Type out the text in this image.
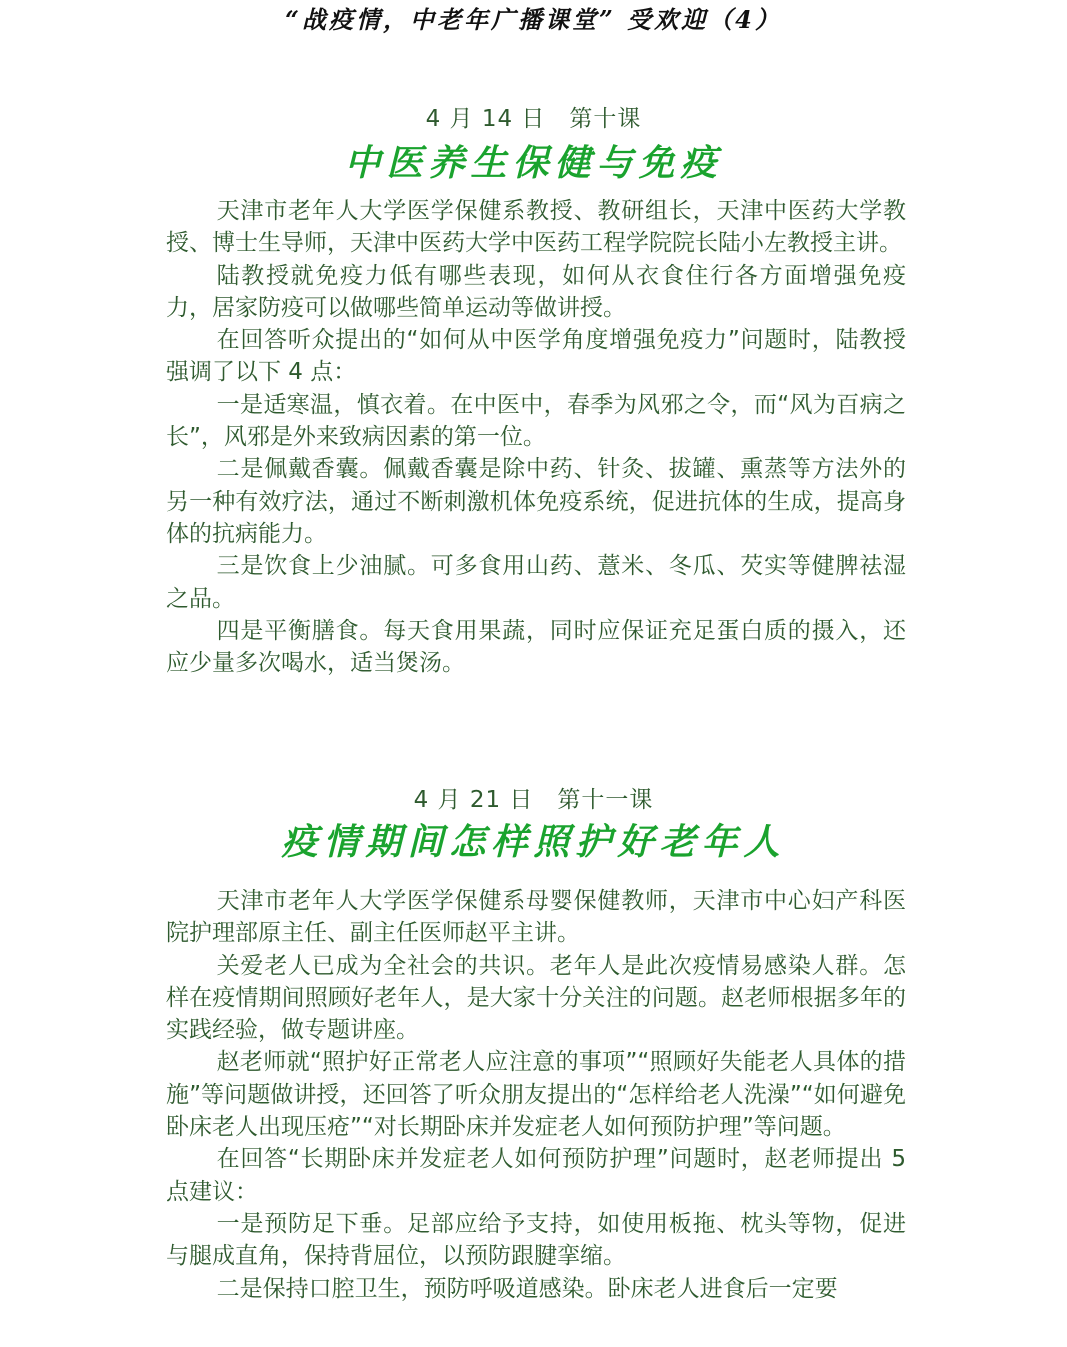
“战疫情，中老年广播课堂” 受欢迎（4）
4 月 14 日　第十课
中医养生保健与免疫

天津市老年人大学医学保健系教授、教研组长，天津中医药大学教授、博士生导师，天津中医药大学中医药工程学院院长陆小左教授主讲。

陆教授就免疫力低有哪些表现，如何从衣食住行各方面增强免疫力，居家防疫可以做哪些简单运动等做讲授。

在回答听众提出的“如何从中医学角度增强免疫力”问题时，陆教授强调了以下 4 点：

一是适寒温，慎衣着。在中医中，春季为风邪之令，而“风为百病之长”，风邪是外来致病因素的第一位。

二是佩戴香囊。佩戴香囊是除中药、针灸、拔罐、熏蒸等方法外的另一种有效疗法，通过不断刺激机体免疫系统，促进抗体的生成，提高身体的抗病能力。

三是饮食上少油腻。可多食用山药、薏米、冬瓜、芡实等健脾祛湿之品。

四是平衡膳食。每天食用果蔬，同时应保证充足蛋白质的摄入，还应少量多次喝水，适当煲汤。

4 月 21 日　第十一课
疫情期间怎样照护好老年人

天津市老年人大学医学保健系母婴保健教师，天津市中心妇产科医院护理部原主任、副主任医师赵平主讲。

关爱老人已成为全社会的共识。老年人是此次疫情易感染人群。怎样在疫情期间照顾好老年人，是大家十分关注的问题。赵老师根据多年的实践经验，做专题讲座。

赵老师就“照护好正常老人应注意的事项”“照顾好失能老人具体的措施”等问题做讲授，还回答了听众朋友提出的“怎样给老人洗澡”“如何避免卧床老人出现压疮”“对长期卧床并发症老人如何预防护理”等问题。

在回答“长期卧床并发症老人如何预防护理”问题时，赵老师提出 5 点建议：

一是预防足下垂。足部应给予支持，如使用板拖、枕头等物，促进与腿成直角，保持背屈位，以预防跟腱挛缩。

二是保持口腔卫生，预防呼吸道感染。卧床老人进食后一定要
